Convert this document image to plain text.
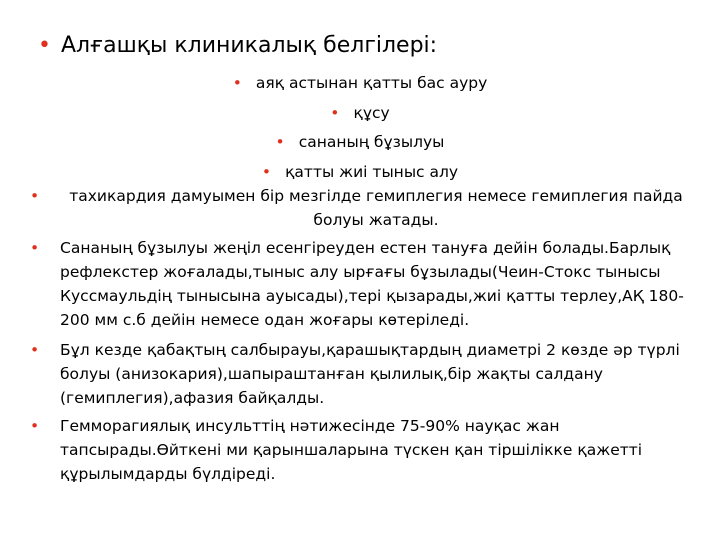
• Алғашқы клиникалық белгілері:
• аяқ астынан қатты бас ауру
• құсу
• сананың бұзылуы
• қатты жиі тыныс алу
•	тахикардия дамуымен бір мезгілде гемиплегия немесе гемиплегия пайда болуы жатады.
• Сананың бұзылуы жеңіл есенгіреуден естен тануға дейін болады.Барлық рефлекстер жоғалады,тыныс алу ырғағы бұзылады(Чеин-Стокс тынысы Куссмаульдің тынысына ауысады),тері қызарады,жиі қатты терлеу,АҚ 180-200 мм с.б дейін немесе одан жоғары көтеріледі.
• Бұл кезде қабақтың салбырауы,қарашықтардың диаметрі 2 көзде әр түрлі болуы (анизокария),шапыраштанған қылилық,бір жақты салдану (гемиплегия),афазия байқалды.
• Гемморагиялық инсульттің нәтижесінде 75-90% науқас жан тапсырады.Өйткені ми қарыншаларына түскен қан тіршілікке қажетті құрылымдарды бүлдіреді.
